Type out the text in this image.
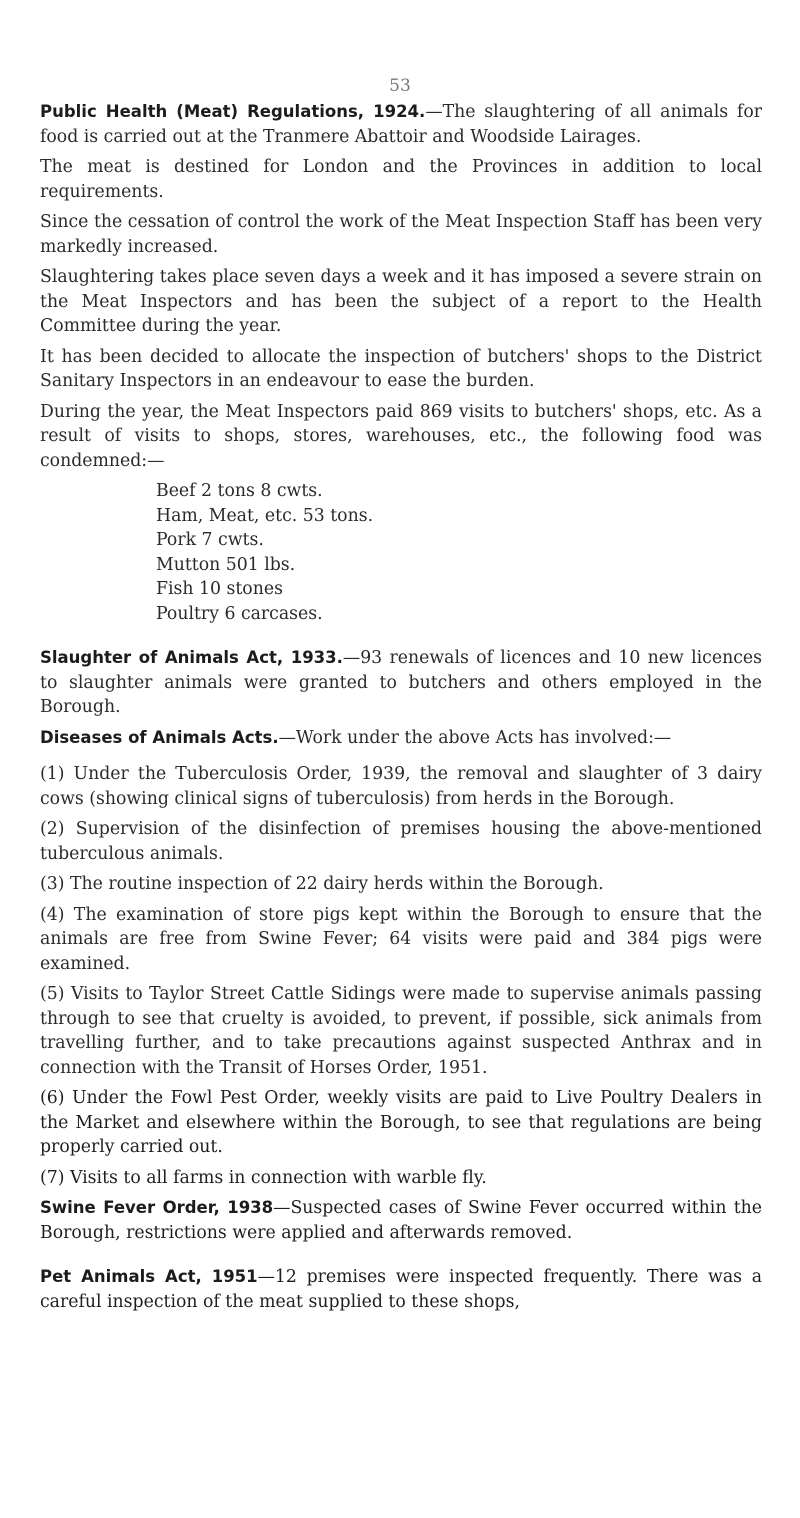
53

Public Health (Meat) Regulations, 1924.—The slaughtering of all animals for food is carried out at the Tranmere Abattoir and Woodside Lairages.

The meat is destined for London and the Provinces in addition to local requirements.

Since the cessation of control the work of the Meat Inspection Staff has been very markedly increased.

Slaughtering takes place seven days a week and it has imposed a severe strain on the Meat Inspectors and has been the subject of a report to the Health Committee during the year.

It has been decided to allocate the inspection of butchers' shops to the District Sanitary Inspectors in an endeavour to ease the burden.

During the year, the Meat Inspectors paid 869 visits to butchers' shops, etc. As a result of visits to shops, stores, warehouses, etc., the following food was condemned:—

Beef 2 tons 8 cwts.
Ham, Meat, etc. 53 tons.
Pork 7 cwts.
Mutton 501 lbs.
Fish 10 stones
Poultry 6 carcases.

Slaughter of Animals Act, 1933.—93 renewals of licences and 10 new licences to slaughter animals were granted to butchers and others employed in the Borough.

Diseases of Animals Acts.—Work under the above Acts has involved:—

(1) Under the Tuberculosis Order, 1939, the removal and slaughter of 3 dairy cows (showing clinical signs of tuberculosis) from herds in the Borough.

(2) Supervision of the disinfection of premises housing the above-mentioned tuberculous animals.

(3) The routine inspection of 22 dairy herds within the Borough.

(4) The examination of store pigs kept within the Borough to ensure that the animals are free from Swine Fever; 64 visits were paid and 384 pigs were examined.

(5) Visits to Taylor Street Cattle Sidings were made to supervise animals passing through to see that cruelty is avoided, to prevent, if possible, sick animals from travelling further, and to take precautions against suspected Anthrax and in connection with the Transit of Horses Order, 1951.

(6) Under the Fowl Pest Order, weekly visits are paid to Live Poultry Dealers in the Market and elsewhere within the Borough, to see that regulations are being properly carried out.

(7) Visits to all farms in connection with warble fly.

Swine Fever Order, 1938—Suspected cases of Swine Fever occurred within the Borough, restrictions were applied and afterwards removed.

Pet Animals Act, 1951—12 premises were inspected frequently. There was a careful inspection of the meat supplied to these shops,
